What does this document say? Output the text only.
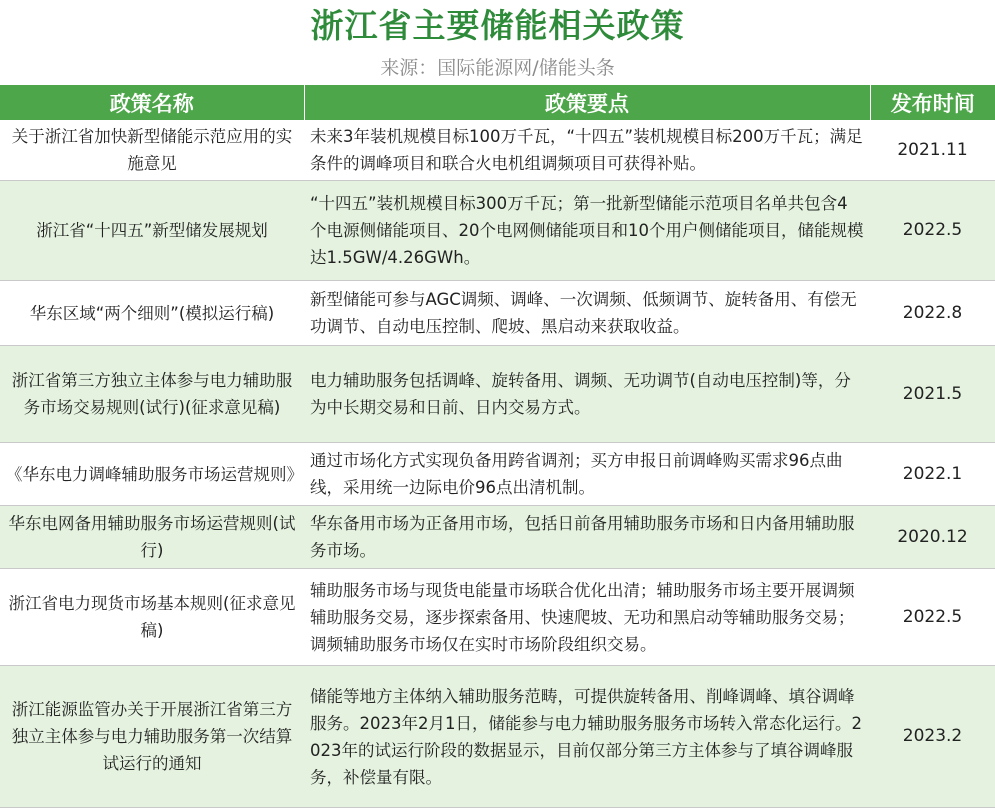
浙江省主要储能相关政策
来源：国际能源网/储能头条
政策名称	政策要点	发布时间
关于浙江省加快新型储能示范应用的实施意见	未来3年装机规模目标100万千瓦，“十四五”装机规模目标200万千瓦；满足条件的调峰项目和联合火电机组调频项目可获得补贴。	2021.11
浙江省“十四五”新型储发展规划	“十四五”装机规模目标300万千瓦；第一批新型储能示范项目名单共包含4个电源侧储能项目、20个电网侧储能项目和10个用户侧储能项目，储能规模达1.5GW/4.26GWh。	2022.5
华东区域“两个细则”(模拟运行稿)	新型储能可参与AGC调频、调峰、一次调频、低频调节、旋转备用、有偿无功调节、自动电压控制、爬坡、黑启动来获取收益。	2022.8
浙江省第三方独立主体参与电力辅助服务市场交易规则(试行)(征求意见稿)	电力辅助服务包括调峰、旋转备用、调频、无功调节(自动电压控制)等，分为中长期交易和日前、日内交易方式。	2021.5
《华东电力调峰辅助服务市场运营规则》	通过市场化方式实现负备用跨省调剂；买方申报日前调峰购买需求96点曲线，采用统一边际电价96点出清机制。	2022.1
华东电网备用辅助服务市场运营规则(试行)	华东备用市场为正备用市场，包括日前备用辅助服务市场和日内备用辅助服务市场。	2020.12
浙江省电力现货市场基本规则(征求意见稿)	辅助服务市场与现货电能量市场联合优化出清；辅助服务市场主要开展调频辅助服务交易，逐步探索备用、快速爬坡、无功和黑启动等辅助服务交易；调频辅助服务市场仅在实时市场阶段组织交易。	2022.5
浙江能源监管办关于开展浙江省第三方独立主体参与电力辅助服务第一次结算试运行的通知	储能等地方主体纳入辅助服务范畴，可提供旋转备用、削峰调峰、填谷调峰服务。2023年2月1日，储能参与电力辅助服务服务市场转入常态化运行。2023年的试运行阶段的数据显示，目前仅部分第三方主体参与了填谷调峰服务，补偿量有限。	2023.2
